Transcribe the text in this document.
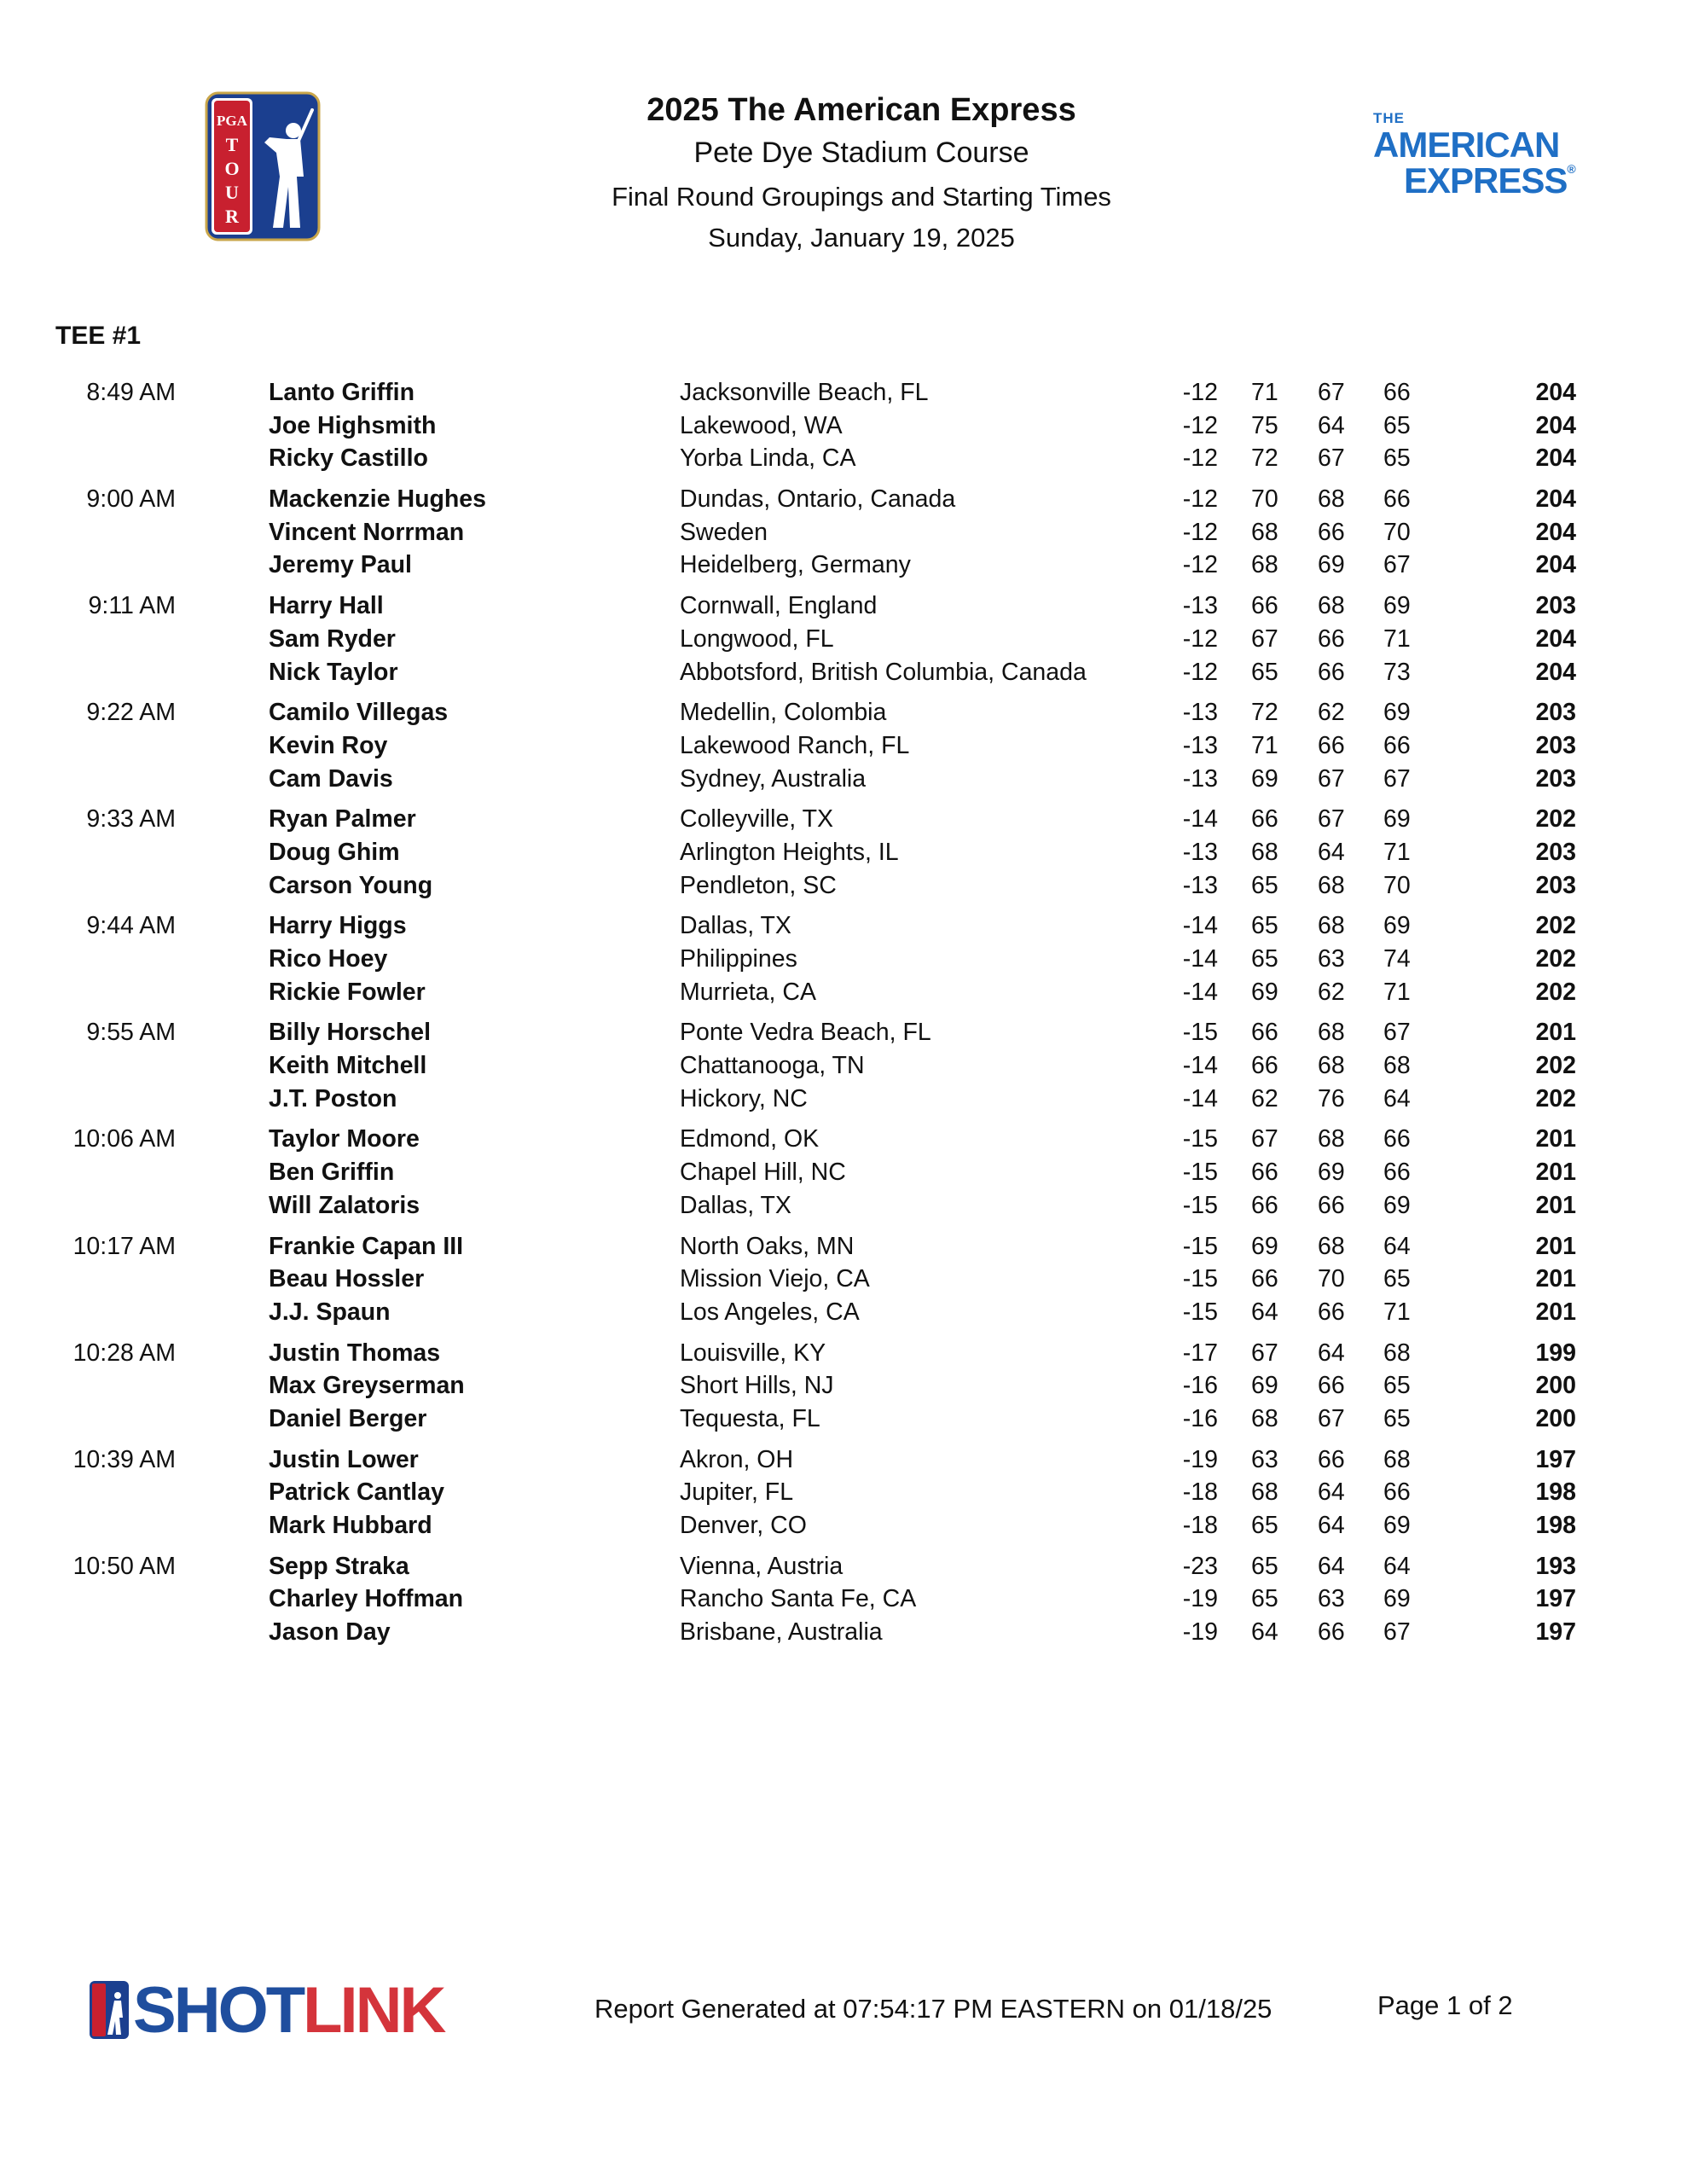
PGA
T
O
U
R
2025 The American Express
Pete Dye Stadium Course
Final Round Groupings and Starting Times
Sunday, January 19, 2025
THE
AMERICAN
EXPRESS®
TEE #1
8:49 AM	Lanto Griffin	Jacksonville Beach, FL	-12 71 67 66	204
Joe Highsmith	Lakewood, WA	-12 75 64 65	204
Ricky Castillo	Yorba Linda, CA	-12 72 67 65	204
9:00 AM	Mackenzie Hughes	Dundas, Ontario, Canada	-12 70 68 66	204
Vincent Norrman	Sweden	-12 68 66 70	204
Jeremy Paul	Heidelberg, Germany	-12 68 69 67	204
9:11 AM	Harry Hall	Cornwall, England	-13 66 68 69	203
Sam Ryder	Longwood, FL	-12 67 66 71	204
Nick Taylor	Abbotsford, British Columbia, Canada	-12 65 66 73	204
9:22 AM	Camilo Villegas	Medellin, Colombia	-13 72 62 69	203
Kevin Roy	Lakewood Ranch, FL	-13 71 66 66	203
Cam Davis	Sydney, Australia	-13 69 67 67	203
9:33 AM	Ryan Palmer	Colleyville, TX	-14 66 67 69	202
Doug Ghim	Arlington Heights, IL	-13 68 64 71	203
Carson Young	Pendleton, SC	-13 65 68 70	203
9:44 AM	Harry Higgs	Dallas, TX	-14 65 68 69	202
Rico Hoey	Philippines	-14 65 63 74	202
Rickie Fowler	Murrieta, CA	-14 69 62 71	202
9:55 AM	Billy Horschel	Ponte Vedra Beach, FL	-15 66 68 67	201
Keith Mitchell	Chattanooga, TN	-14 66 68 68	202
J.T. Poston	Hickory, NC	-14 62 76 64	202
10:06 AM	Taylor Moore	Edmond, OK	-15 67 68 66	201
Ben Griffin	Chapel Hill, NC	-15 66 69 66	201
Will Zalatoris	Dallas, TX	-15 66 66 69	201
10:17 AM	Frankie Capan III	North Oaks, MN	-15 69 68 64	201
Beau Hossler	Mission Viejo, CA	-15 66 70 65	201
J.J. Spaun	Los Angeles, CA	-15 64 66 71	201
10:28 AM	Justin Thomas	Louisville, KY	-17 67 64 68	199
Max Greyserman	Short Hills, NJ	-16 69 66 65	200
Daniel Berger	Tequesta, FL	-16 68 67 65	200
10:39 AM	Justin Lower	Akron, OH	-19 63 66 68	197
Patrick Cantlay	Jupiter, FL	-18 68 64 66	198
Mark Hubbard	Denver, CO	-18 65 64 69	198
10:50 AM	Sepp Straka	Vienna, Austria	-23 65 64 64	193
Charley Hoffman	Rancho Santa Fe, CA	-19 65 63 69	197
Jason Day	Brisbane, Australia	-19 64 66 67	197
SHOTLINK	Report Generated at 07:54:17 PM EASTERN on 01/18/25	Page 1 of 2
